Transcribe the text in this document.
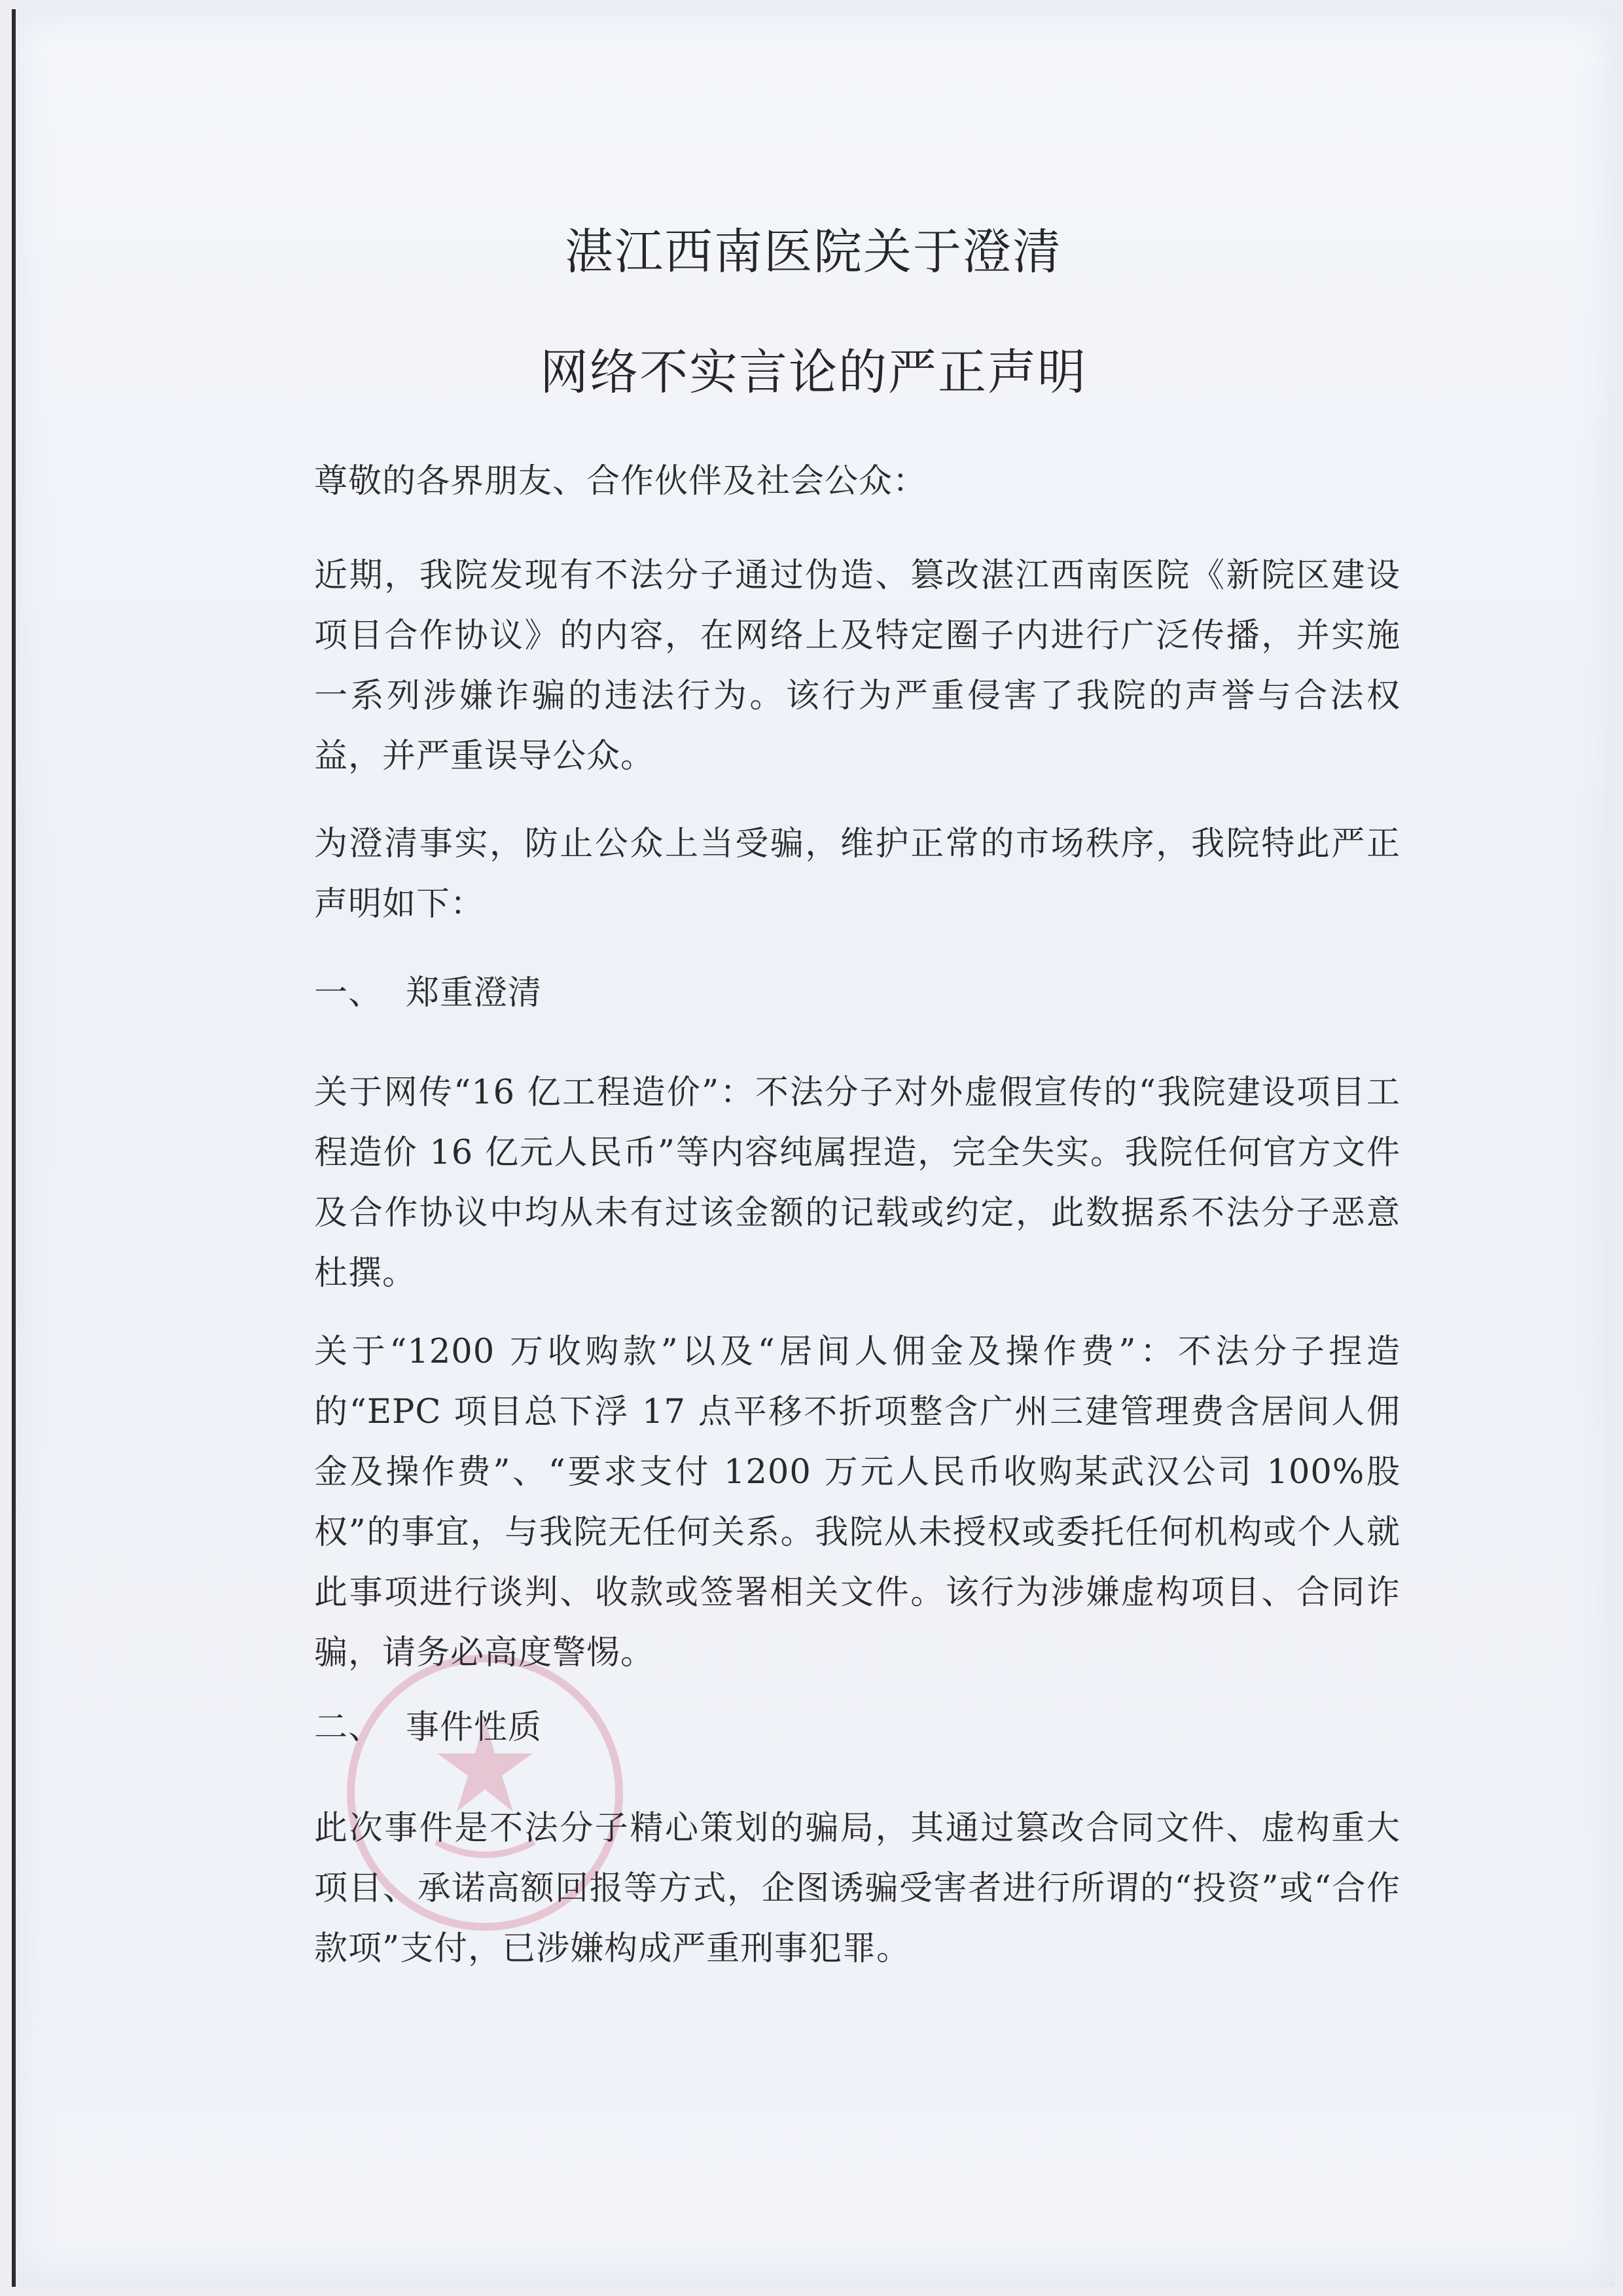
湛江西南医院关于澄清
网络不实言论的严正声明
尊敬的各界朋友、合作伙伴及社会公众：
近期，我院发现有不法分子通过伪造、篡改湛江西南医院《新院区建设项目合作协议》的内容，在网络上及特定圈子内进行广泛传播，并实施一系列涉嫌诈骗的违法行为。该行为严重侵害了我院的声誉与合法权益，并严重误导公众。
为澄清事实，防止公众上当受骗，维护正常的市场秩序，我院特此严正声明如下：
一、 郑重澄清
关于网传“16 亿工程造价”：不法分子对外虚假宣传的“我院建设项目工程造价 16 亿元人民币”等内容纯属捏造，完全失实。我院任何官方文件及合作协议中均从未有过该金额的记载或约定，此数据系不法分子恶意杜撰。
关于“1200 万收购款”以及“居间人佣金及操作费”：不法分子捏造的“EPC 项目总下浮 17 点平移不折项整含广州三建管理费含居间人佣金及操作费”、“要求支付 1200 万元人民币收购某武汉公司 100%股权”的事宜，与我院无任何关系。我院从未授权或委托任何机构或个人就此事项进行谈判、收款或签署相关文件。该行为涉嫌虚构项目、合同诈骗，请务必高度警惕。
二、 事件性质
此次事件是不法分子精心策划的骗局，其通过篡改合同文件、虚构重大项目、承诺高额回报等方式，企图诱骗受害者进行所谓的“投资”或“合作款项”支付，已涉嫌构成严重刑事犯罪。
